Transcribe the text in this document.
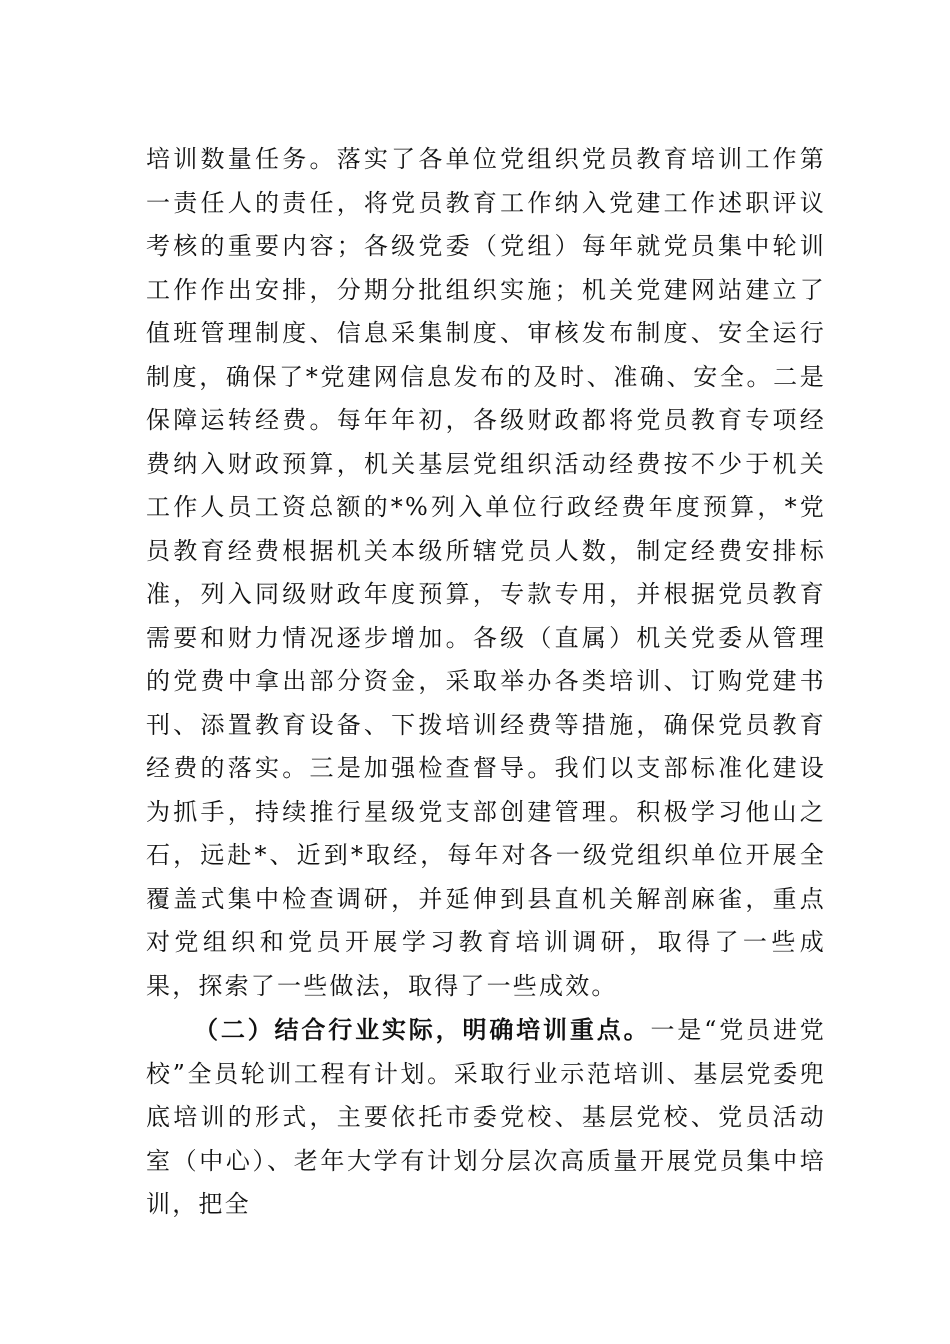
培训数量任务。落实了各单位党组织党员教育培训工作第一责任人的责任，将党员教育工作纳入党建工作述职评议考核的重要内容；各级党委（党组）每年就党员集中轮训工作作出安排，分期分批组织实施；机关党建网站建立了值班管理制度、信息采集制度、审核发布制度、安全运行制度，确保了*党建网信息发布的及时、准确、安全。二是保障运转经费。每年年初，各级财政都将党员教育专项经费纳入财政预算，机关基层党组织活动经费按不少于机关工作人员工资总额的*%列入单位行政经费年度预算，*党员教育经费根据机关本级所辖党员人数，制定经费安排标准，列入同级财政年度预算，专款专用，并根据党员教育需要和财力情况逐步增加。各级（直属）机关党委从管理的党费中拿出部分资金，采取举办各类培训、订购党建书刊、添置教育设备、下拨培训经费等措施，确保党员教育经费的落实。三是加强检查督导。我们以支部标准化建设为抓手，持续推行星级党支部创建管理。积极学习他山之石，远赴*、近到*取经，每年对各一级党组织单位开展全覆盖式集中检查调研，并延伸到县直机关解剖麻雀，重点对党组织和党员开展学习教育培训调研，取得了一些成果，探索了一些做法，取得了一些成效。

（二）结合行业实际，明确培训重点。一是“党员进党校”全员轮训工程有计划。采取行业示范培训、基层党委兜底培训的形式，主要依托市委党校、基层党校、党员活动室（中心）、老年大学有计划分层次高质量开展党员集中培训，把全
